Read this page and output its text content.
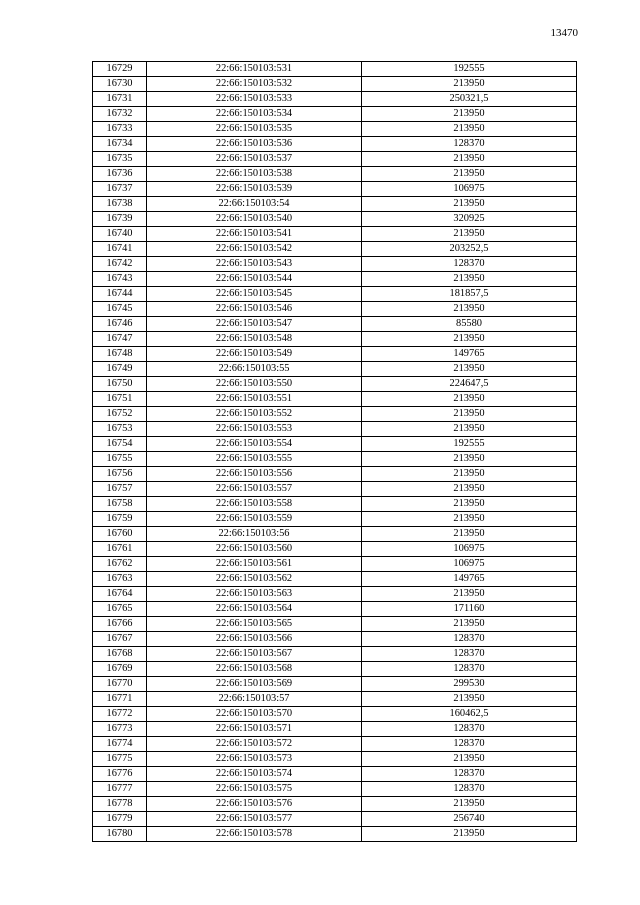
13470
16729	22:66:150103:531	192555
16730	22:66:150103:532	213950
16731	22:66:150103:533	250321,5
16732	22:66:150103:534	213950
16733	22:66:150103:535	213950
16734	22:66:150103:536	128370
16735	22:66:150103:537	213950
16736	22:66:150103:538	213950
16737	22:66:150103:539	106975
16738	22:66:150103:54	213950
16739	22:66:150103:540	320925
16740	22:66:150103:541	213950
16741	22:66:150103:542	203252,5
16742	22:66:150103:543	128370
16743	22:66:150103:544	213950
16744	22:66:150103:545	181857,5
16745	22:66:150103:546	213950
16746	22:66:150103:547	85580
16747	22:66:150103:548	213950
16748	22:66:150103:549	149765
16749	22:66:150103:55	213950
16750	22:66:150103:550	224647,5
16751	22:66:150103:551	213950
16752	22:66:150103:552	213950
16753	22:66:150103:553	213950
16754	22:66:150103:554	192555
16755	22:66:150103:555	213950
16756	22:66:150103:556	213950
16757	22:66:150103:557	213950
16758	22:66:150103:558	213950
16759	22:66:150103:559	213950
16760	22:66:150103:56	213950
16761	22:66:150103:560	106975
16762	22:66:150103:561	106975
16763	22:66:150103:562	149765
16764	22:66:150103:563	213950
16765	22:66:150103:564	171160
16766	22:66:150103:565	213950
16767	22:66:150103:566	128370
16768	22:66:150103:567	128370
16769	22:66:150103:568	128370
16770	22:66:150103:569	299530
16771	22:66:150103:57	213950
16772	22:66:150103:570	160462,5
16773	22:66:150103:571	128370
16774	22:66:150103:572	128370
16775	22:66:150103:573	213950
16776	22:66:150103:574	128370
16777	22:66:150103:575	128370
16778	22:66:150103:576	213950
16779	22:66:150103:577	256740
16780	22:66:150103:578	213950
